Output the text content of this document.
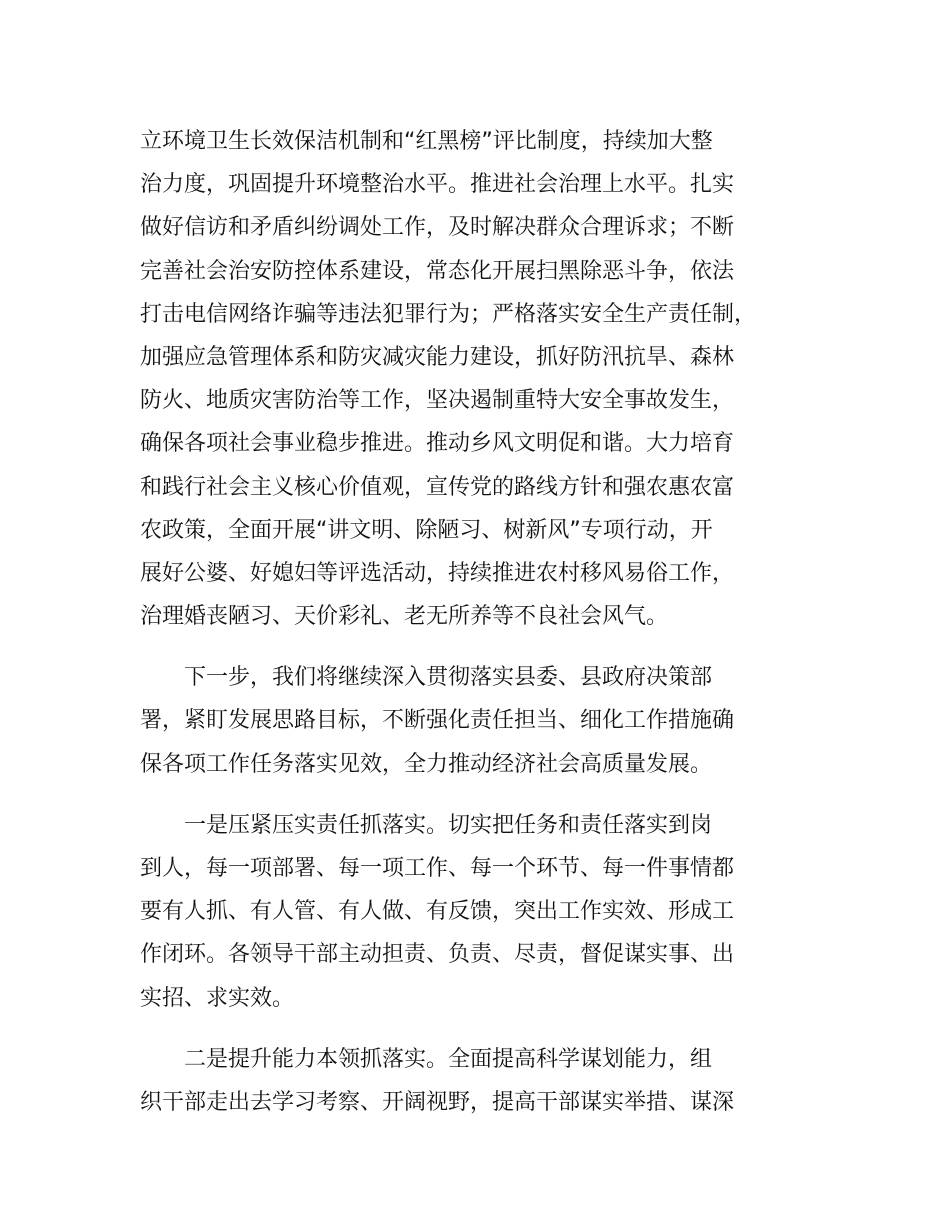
立环境卫生长效保洁机制和“红黑榜”评比制度，持续加大整
治力度，巩固提升环境整治水平。推进社会治理上水平。扎实
做好信访和矛盾纠纷调处工作，及时解决群众合理诉求；不断
完善社会治安防控体系建设，常态化开展扫黑除恶斗争，依法
打击电信网络诈骗等违法犯罪行为；严格落实安全生产责任制，
加强应急管理体系和防灾减灾能力建设，抓好防汛抗旱、森林
防火、地质灾害防治等工作，坚决遏制重特大安全事故发生，
确保各项社会事业稳步推进。推动乡风文明促和谐。大力培育
和践行社会主义核心价值观，宣传党的路线方针和强农惠农富
农政策，全面开展“讲文明、除陋习、树新风”专项行动，开
展好公婆、好媳妇等评选活动，持续推进农村移风易俗工作，
治理婚丧陋习、天价彩礼、老无所养等不良社会风气。

　　下一步，我们将继续深入贯彻落实县委、县政府决策部
署，紧盯发展思路目标，不断强化责任担当、细化工作措施确
保各项工作任务落实见效，全力推动经济社会高质量发展。

　　一是压紧压实责任抓落实。切实把任务和责任落实到岗
到人，每一项部署、每一项工作、每一个环节、每一件事情都
要有人抓、有人管、有人做、有反馈，突出工作实效、形成工
作闭环。各领导干部主动担责、负责、尽责，督促谋实事、出
实招、求实效。

　　二是提升能力本领抓落实。全面提高科学谋划能力，组
织干部走出去学习考察、开阔视野，提高干部谋实举措、谋深
